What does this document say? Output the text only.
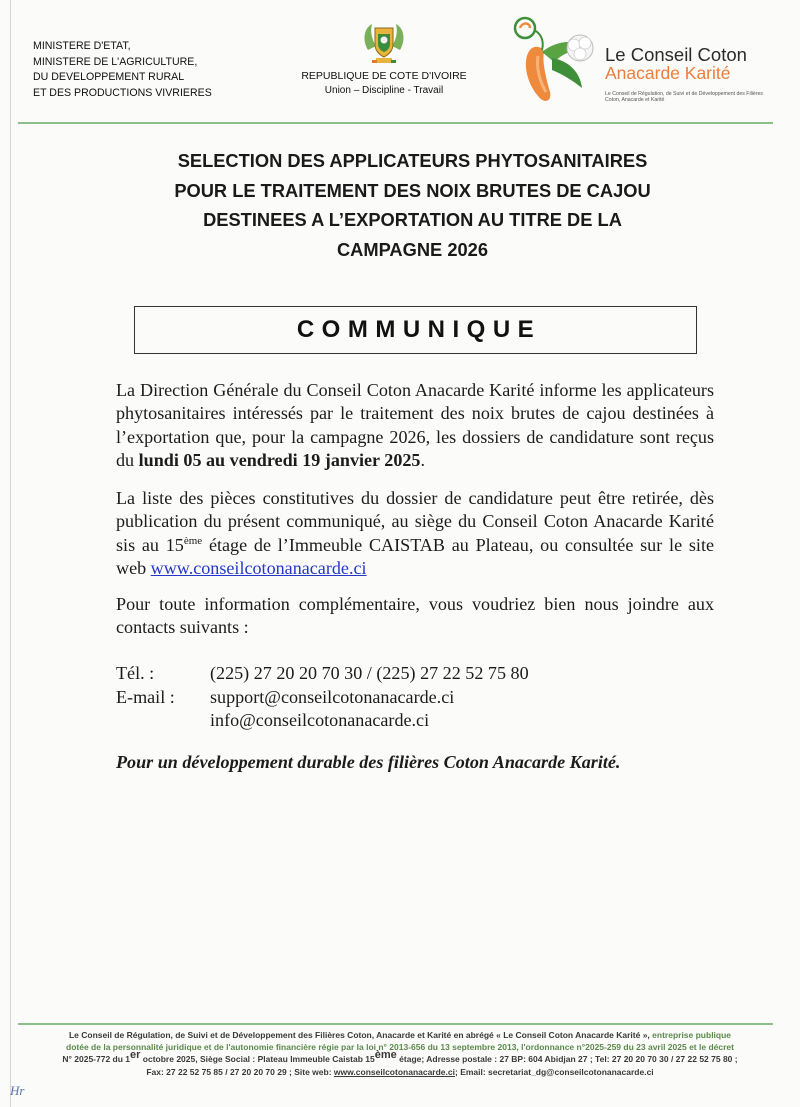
MINISTERE D'ETAT,
MINISTERE DE L'AGRICULTURE,
DU DEVELOPPEMENT RURAL
ET DES PRODUCTIONS VIVRIERES
REPUBLIQUE DE COTE D'IVOIRE
Union – Discipline - Travail
Le Conseil Coton
Anacarde Karité
Le Conseil de Régulation, de Suivi et de Développement des Filières Coton, Anacarde et Karité
SELECTION DES APPLICATEURS PHYTOSANITAIRES
POUR LE TRAITEMENT DES NOIX BRUTES DE CAJOU
DESTINEES A L’EXPORTATION AU TITRE DE LA
CAMPAGNE 2026
COMMUNIQUE
La Direction Générale du Conseil Coton Anacarde Karité informe les applicateurs phytosanitaires intéressés par le traitement des noix brutes de cajou destinées à l’exportation que, pour la campagne 2026, les dossiers de candidature sont reçus du lundi 05 au vendredi 19 janvier 2025.
La liste des pièces constitutives du dossier de candidature peut être retirée, dès publication du présent communiqué, au siège du Conseil Coton Anacarde Karité sis au 15ème étage de l’Immeuble CAISTAB au Plateau, ou consultée sur le site web www.conseilcotonanacarde.ci
Pour toute information complémentaire, vous voudriez bien nous joindre aux contacts suivants :
Tél. :	(225) 27 20 20 70 30 / (225) 27 22 52 75 80
E-mail :	support@conseilcotonanacarde.ci
info@conseilcotonanacarde.ci
Pour un développement durable des filières Coton Anacarde Karité.
Le Conseil de Régulation, de Suivi et de Développement des Filières Coton, Anacarde et Karité en abrégé « Le Conseil Coton Anacarde Karité », entreprise publique
dotée de la personnalité juridique et de l'autonomie financière régie par la loi n° 2013-656 du 13 septembre 2013, l'ordonnance n°2025-259 du 23 avril 2025 et le décret
N° 2025-772 du 1er octobre 2025, Siège Social : Plateau Immeuble Caistab 15ème étage; Adresse postale : 27 BP: 604 Abidjan 27 ; Tel: 27 20 20 70 30 / 27 22 52 75 80 ;
Fax: 27 22 52 75 85 / 27 20 20 70 29 ; Site web: www.conseilcotonanacarde.ci; Email: secretariat_dg@conseilcotonanacarde.ci
Hr
